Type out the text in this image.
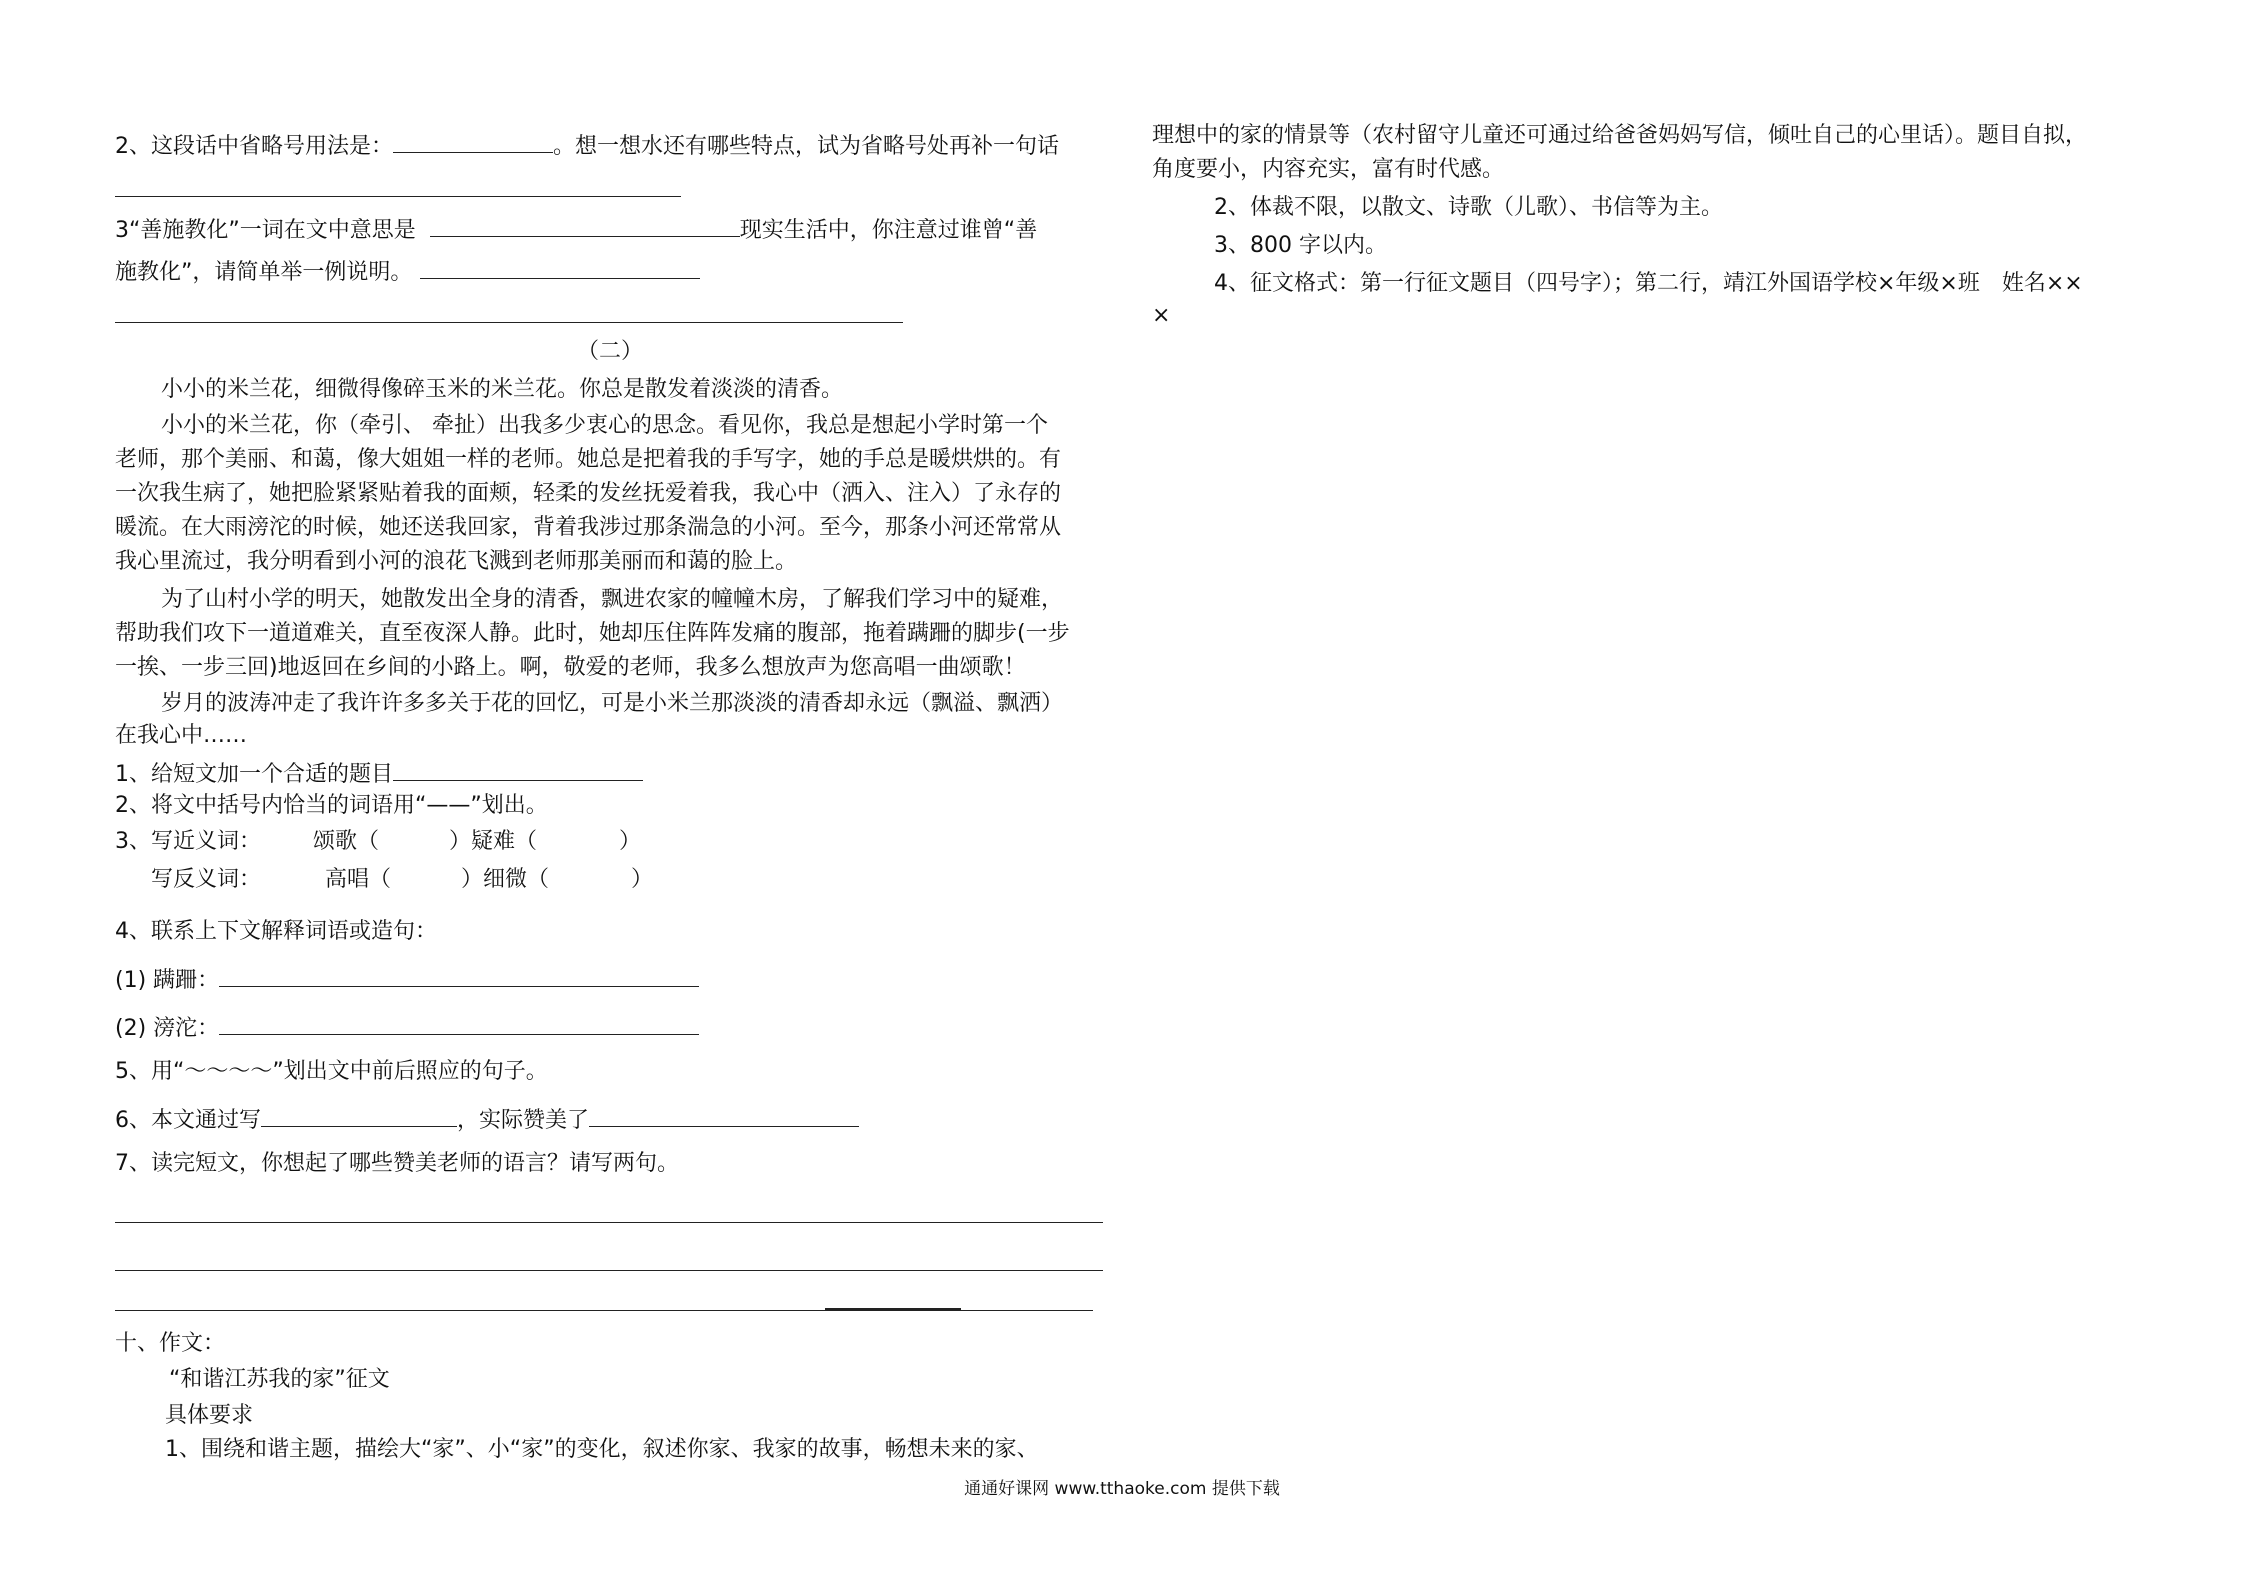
2、这段话中省略号用法是：	。想一想水还有哪些特点，试为省略号处再补一句话
3“善施教化”一词在文中意思是	现实生活中，你注意过谁曾“善
施教化”，请简单举一例说明。
（二）
小小的米兰花，细微得像碎玉米的米兰花。你总是散发着淡淡的清香。
小小的米兰花，你（牵引、 牵扯）出我多少衷心的思念。看见你，我总是想起小学时第一个
老师，那个美丽、和蔼，像大姐姐一样的老师。她总是把着我的手写字，她的手总是暖烘烘的。有
一次我生病了，她把脸紧紧贴着我的面颊，轻柔的发丝抚爱着我，我心中（洒入、注入）了永存的
暖流。在大雨滂沱的时候，她还送我回家，背着我涉过那条湍急的小河。至今，那条小河还常常从
我心里流过，我分明看到小河的浪花飞溅到老师那美丽而和蔼的脸上。
为了山村小学的明天，她散发出全身的清香，飘进农家的幢幢木房，了解我们学习中的疑难，
帮助我们攻下一道道难关，直至夜深人静。此时，她却压住阵阵发痛的腹部，拖着蹒跚的脚步(一步
一挨、一步三回)地返回在乡间的小路上。啊，敬爱的老师，我多么想放声为您高唱一曲颂歌！
岁月的波涛冲走了我许许多多关于花的回忆，可是小米兰那淡淡的清香却永远（飘溢、飘洒）
在我心中……
1、给短文加一个合适的题目
2、将文中括号内恰当的词语用“——”划出。
3、写近义词： 颂歌（	）疑难（	）
写反义词：	高唱（	）细微（	）
4、联系上下文解释词语或造句：
(1) 蹒跚：
(2) 滂沱：
5、用“～～～～”划出文中前后照应的句子。
6、本文通过写	，实际赞美了
7、读完短文，你想起了哪些赞美老师的语言？请写两句。
十、作文：
“和谐江苏我的家”征文
具体要求
1、围绕和谐主题，描绘大“家”、小“家”的变化，叙述你家、我家的故事，畅想未来的家、
理想中的家的情景等（农村留守儿童还可通过给爸爸妈妈写信，倾吐自己的心里话）。题目自拟，
角度要小，内容充实，富有时代感。
2、体裁不限，以散文、诗歌（儿歌）、书信等为主。
3、800 字以内。
4、征文格式：第一行征文题目（四号字）；第二行，靖江外国语学校×年级×班　姓名××
×
通通好课网 www.tthaoke.com 提供下载
